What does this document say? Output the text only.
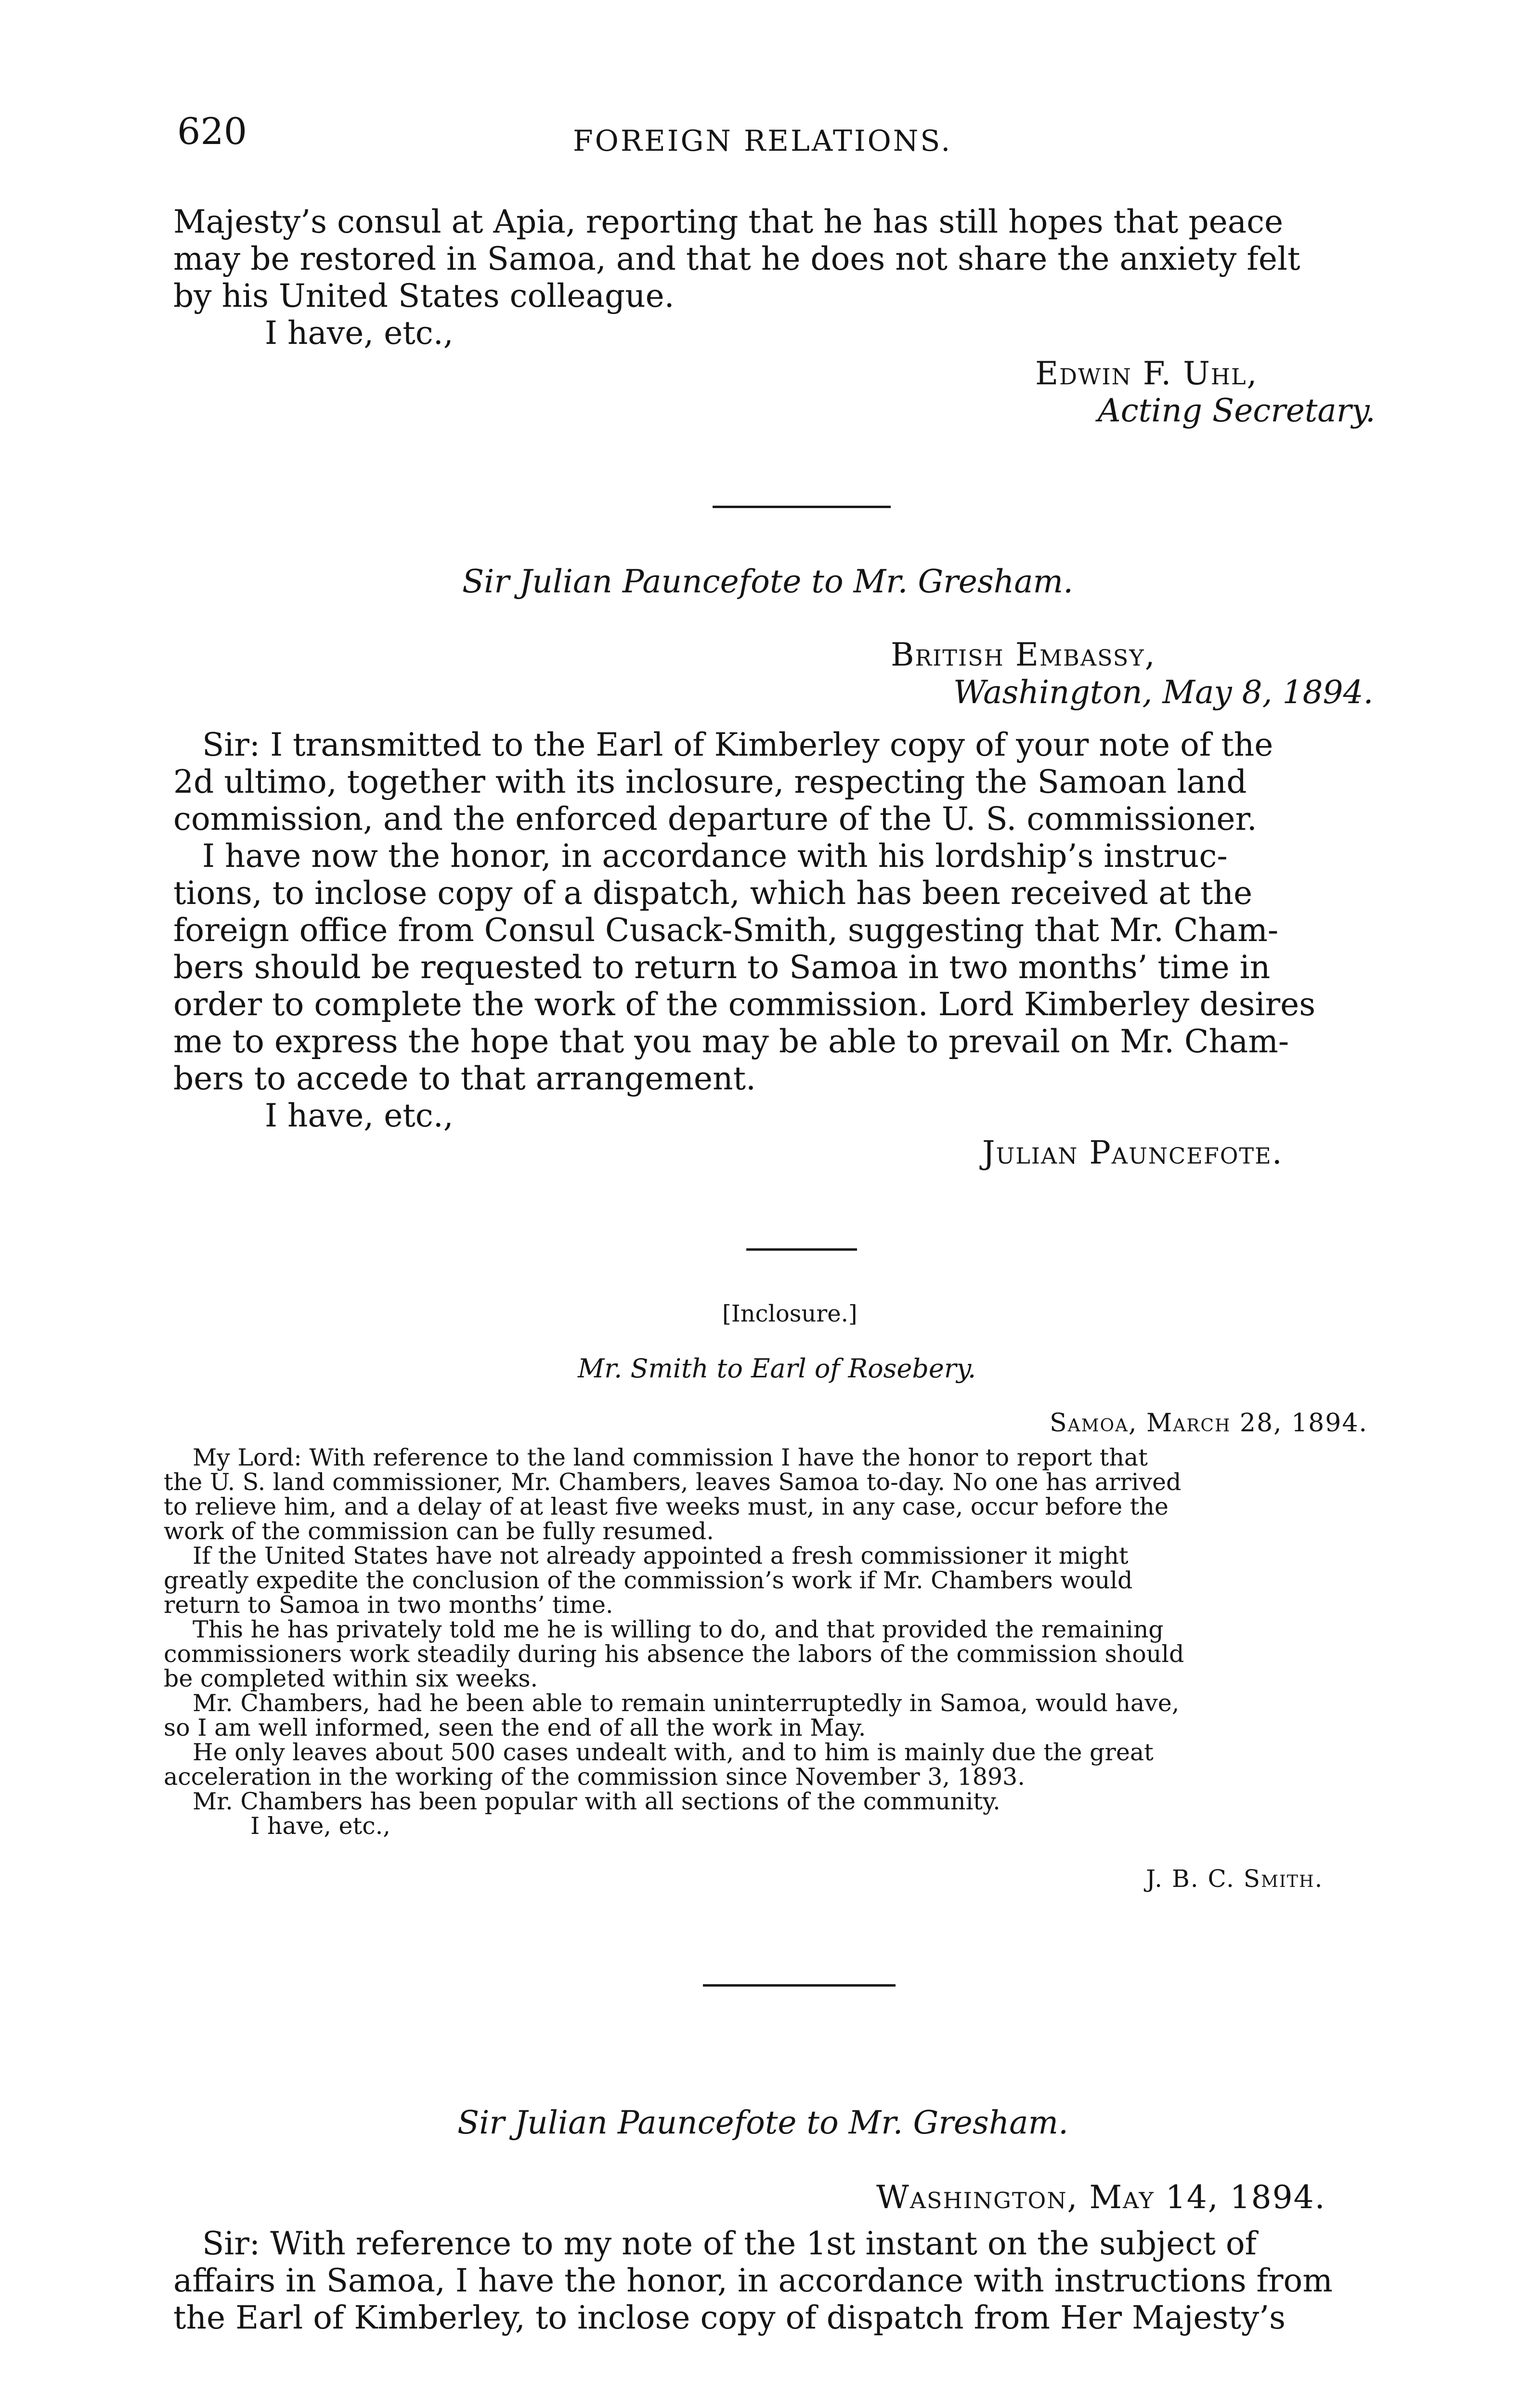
620	FOREIGN RELATIONS.
Majesty’s consul at Apia, reporting that he has still hopes that peace
may be restored in Samoa, and that he does not share the anxiety felt
by his United States colleague.
I have, etc.,
Edwin F. Uhl,
Acting Secretary.
Sir Julian Pauncefote to Mr. Gresham.
British Embassy,
Washington, May 8, 1894.
Sir: I transmitted to the Earl of Kimberley copy of your note of the
2d ultimo, together with its inclosure, respecting the Samoan land
commission, and the enforced departure of the U. S. commissioner.
I have now the honor, in accordance with his lordship’s instruc-
tions, to inclose copy of a dispatch, which has been received at the
foreign office from Consul Cusack-Smith, suggesting that Mr. Cham-
bers should be requested to return to Samoa in two months’ time in
order to complete the work of the commission. Lord Kimberley desires
me to express the hope that you may be able to prevail on Mr. Cham-
bers to accede to that arrangement.
I have, etc.,
Julian Pauncefote.
[Inclosure.]
Mr. Smith to Earl of Rosebery.
Samoa, March 28, 1894.
My Lord: With reference to the land commission I have the honor to report that
the U. S. land commissioner, Mr. Chambers, leaves Samoa to-day. No one has arrived
to relieve him, and a delay of at least five weeks must, in any case, occur before the
work of the commission can be fully resumed.
If the United States have not already appointed a fresh commissioner it might
greatly expedite the conclusion of the commission’s work if Mr. Chambers would
return to Samoa in two months’ time.
This he has privately told me he is willing to do, and that provided the remaining
commissioners work steadily during his absence the labors of the commission should
be completed within six weeks.
Mr. Chambers, had he been able to remain uninterruptedly in Samoa, would have,
so I am well informed, seen the end of all the work in May.
He only leaves about 500 cases undealt with, and to him is mainly due the great
acceleration in the working of the commission since November 3, 1893.
Mr. Chambers has been popular with all sections of the community.
I have, etc.,
J. B. C. Smith.
Sir Julian Pauncefote to Mr. Gresham.
Washington, May 14, 1894.
Sir: With reference to my note of the 1st instant on the subject of
affairs in Samoa, I have the honor, in accordance with instructions from
the Earl of Kimberley, to inclose copy of dispatch from Her Majesty’s
